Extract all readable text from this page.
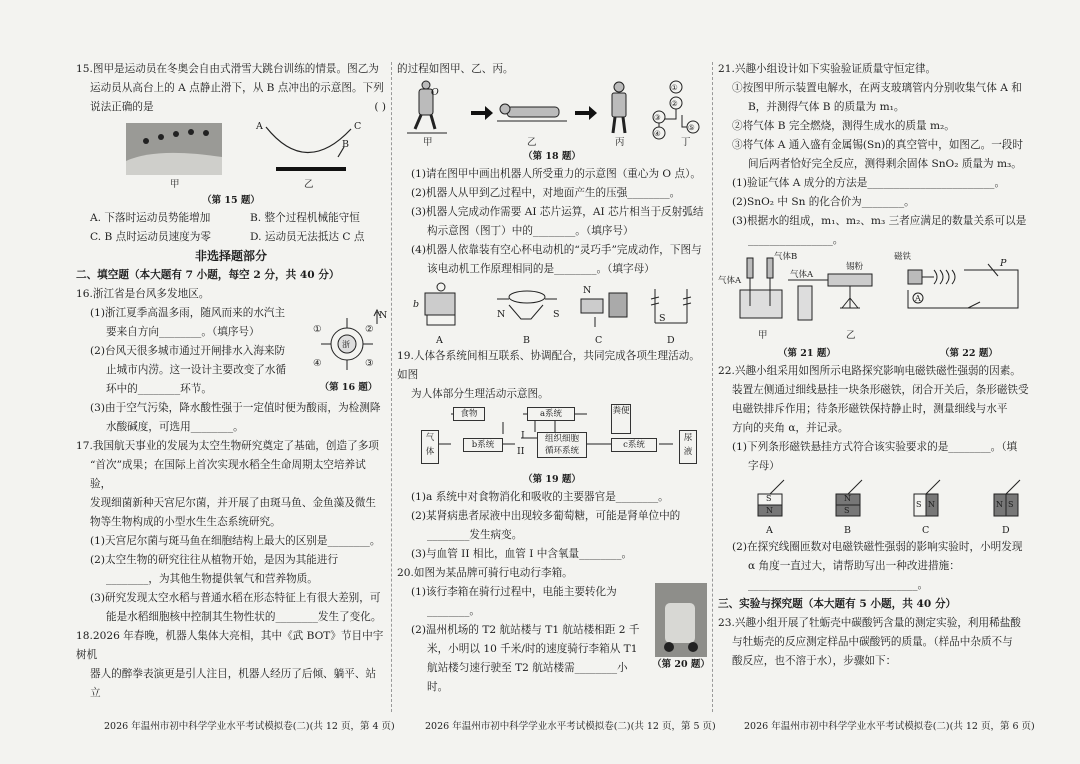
15.图甲是运动员在冬奥会自由式滑雪大跳台训练的情景。图乙为

运动员从高台上的 A 点静止滑下，从 B 点冲出的示意图。下列

说法正确的是	( )

甲	乙
A
B
C

（第 15 题）

A. 下落时运动员势能增加	B. 整个过程机械能守恒

C. B 点时运动员速度为零	D. 运动员无法抵达 C 点

非选择题部分

二、填空题（本大题有 7 小题，每空 2 分，共 40 分）

16.浙江省是台风多发地区。

(1)浙江夏季高温多雨，随风而来的水汽主

要来自方向________。（填序号）

(2)台风天很多城市通过开闸排水入海来防

止城市内涝。这一设计主要改变了水循

环中的________环节。

浙
N
①	②
③
④

（第 16 题）

(3)由于空气污染，降水酸性强于一定值时便为酸雨，为检测降

水酸碱度，可选用________。

17.我国航天事业的发展为太空生物研究奠定了基础，创造了多项

“首次”成果；在国际上首次实现水稻全生命周期太空培养试验，

发现细菌新种天宫尼尔菌，并开展了由斑马鱼、金鱼藻及微生

物等生物构成的小型水生生态系统研究。

(1)天宫尼尔菌与斑马鱼在细胞结构上最大的区别是________。

(2)太空生物的研究往往从植物开始，是因为其能进行

________，为其他生物提供氧气和营养物质。

(3)研究发现太空水稻与普通水稻在形态特征上有很大差别，可

能是水稻细胞核中控制其生物性状的________发生了变化。

18.2026 年春晚，机器人集体大亮相，其中《武 BOT》节目中宇树机

器人的醉拳表演更是引人注目，机器人经历了后倾、躺平、站立

的过程如图甲、乙、丙。

O	①
②
③
④
⑤
甲	乙	丙	丁

（第 18 题）

(1)请在图甲中画出机器人所受重力的示意图（重心为 O 点）。

(2)机器人从甲到乙过程中，对地面产生的压强________。

(3)机器人完成动作需要 AI 芯片运算，AI 芯片相当于反射弧结

构示意图（图丁）中的________。（填序号）

(4)机器人依靠装有空心杯电动机的“灵巧手”完成动作，下图与

该电动机工作原理相同的是________。（填字母）

b
N	S
N
S
A	B	C	D

19.人体各系统间相互联系、协调配合，共同完成各项生理活动。如图

为人体部分生理活动示意图。

食物	a系统	粪便
气体
b系统
组织细胞
循环系统
c系统
尿液
I
II

（第 19 题）

(1)a 系统中对食物消化和吸收的主要器官是________。

(2)某肾病患者尿液中出现较多葡萄糖，可能是肾单位中的

________发生病变。

(3)与血管 II 相比，血管 I 中含氧量________。

20.如图为某品牌可骑行电动行李箱。

(1)该行李箱在骑行过程中，电能主要转化为

________。

(2)温州机场的 T2 航站楼与 T1 航站楼相距 2 千

米，小明以 10 千米/时的速度骑行李箱从 T1

航站楼匀速行驶至 T2 航站楼需________小时。

（第 20 题）

21.兴趣小组设计如下实验验证质量守恒定律。

①按图甲所示装置电解水，在两支玻璃管内分别收集气体 A 和

B，并测得气体 B 的质量为 m₁。

②将气体 B 完全燃烧，测得生成水的质量 m₂。

③将气体 A 通入盛有金属锡(Sn)的真空管中，如图乙。一段时

间后两者恰好完全反应，测得剩余固体 SnO₂ 质量为 m₃。

(1)验证气体 A 成分的方法是________________________。

(2)SnO₂ 中 Sn 的化合价为________。

(3)根据水的组成，m₁、m₂、m₃ 三者应满足的数量关系可以是

________________。

气体A
气体B
气体A
锡粉
甲	乙
磁铁
P
A

（第 21 题）	（第 22 题）

22.兴趣小组采用如图所示电路探究影响电磁铁磁性强弱的因素。

装置左侧通过细线悬挂一块条形磁铁，闭合开关后，条形磁铁受

电磁铁排斥作用；待条形磁铁保持静止时，测量细线与水平

方向的夹角 α，并记录。

(1)下列条形磁铁悬挂方式符合该实验要求的是________。（填

字母）

S
N
N
S
S N	N S
A	B	C	D

(2)在探究线圈匝数对电磁铁磁性强弱的影响实验时，小明发现

α 角度一直过大，请帮助写出一种改进措施：

________________________________。

三、实验与探究题（本大题有 5 小题，共 40 分）

23.兴趣小组开展了牡蛎壳中碳酸钙含量的测定实验，利用稀盐酸

与牡蛎壳的反应测定样品中碳酸钙的质量。（样品中杂质不与

酸反应，也不溶于水），步骤如下：

2026 年温州市初中科学学业水平考试模拟卷(二)(共 12 页，第 4 页)	2026 年温州市初中科学学业水平考试模拟卷(二)(共 12 页，第 5 页)	2026 年温州市初中科学学业水平考试模拟卷(二)(共 12 页，第 6 页)
